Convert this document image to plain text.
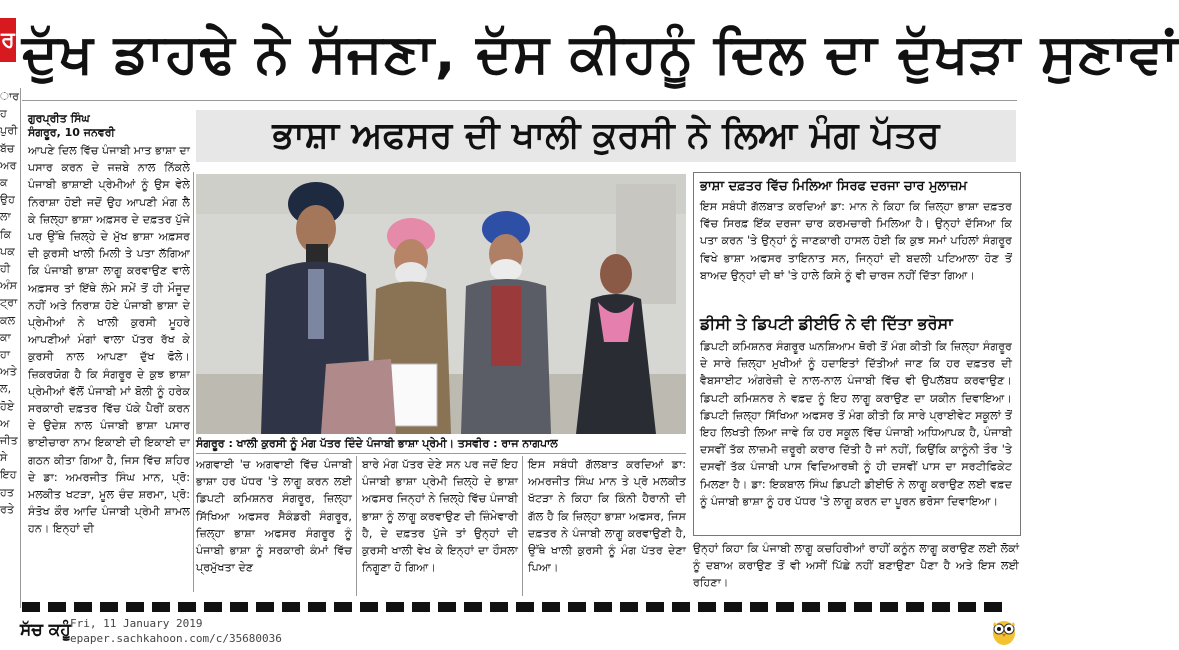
ਰ
ਾਰ ਹ ਪੁਰੀ ਬੱਚ ਅਰ ਕ ਉਹ ਲਾ ਕਿ ਪਕ ਹੀ ਅੰਸ ਟ੍ਰਾ ਕਲ ਕਾ ਹਾ ਅਤੇ ਲ, ਹੋਏ ਅ ਜੀਤ ਸੇ ਇਹ ਹਤ ਰਤੇ
ਦੁੱਖ ਡਾਹਢੇ ਨੇ ਸੱਜਣਾ, ਦੱਸ ਕੀਹਨੂੰ ਦਿਲ ਦਾ ਦੁੱਖੜਾ ਸੁਣਾਵਾਂ
ਗੁਰਪ੍ਰੀਤ ਸਿੰਘ
ਸੰਗਰੂਰ, 10 ਜਨਵਰੀ	ਭਾਸ਼ਾ ਅਫਸਰ ਦੀ ਖਾਲੀ ਕੁਰਸੀ ਨੇ ਲਿਆ ਮੰਗ ਪੱਤਰ
ਆਪਣੇ ਦਿਲ ਵਿੱਚ ਪੰਜਾਬੀ ਮਾਤ ਭਾਸ਼ਾ ਦਾ ਪਸਾਰ ਕਰਨ ਦੇ ਜਜ਼ਬੇ ਨਾਲ ਨਿੱਕਲੇ ਪੰਜਾਬੀ ਭਾਸ਼ਾਈ ਪ੍ਰੇਮੀਆਂ ਨੂੰ ਉਸ ਵੇਲੇ ਨਿਰਾਸ਼ਾ ਹੋਈ ਜਦੋਂ ਉਹ ਆਪਣੀ ਮੰਗ ਲੈ ਕੇ ਜ਼ਿਲ੍ਹਾ ਭਾਸ਼ਾ ਅਫ਼ਸਰ ਦੇ ਦਫ਼ਤਰ ਪੁੱਜੇ ਪਰ ਉੱਥੇ ਜ਼ਿਲ੍ਹੇ ਦੇ ਮੁੱਖ ਭਾਸ਼ਾ ਅਫ਼ਸਰ ਦੀ ਕੁਰਸੀ ਖਾਲੀ ਮਿਲੀ ਤੇ ਪਤਾ ਲੱਗਿਆ ਕਿ ਪੰਜਾਬੀ ਭਾਸ਼ਾ ਲਾਗੂ ਕਰਵਾਉਣ ਵਾਲੇ ਅਫ਼ਸਰ ਤਾਂ ਇੱਥੇ ਲੰਮੇ ਸਮੇਂ ਤੋਂ ਹੀ ਮੌਜੂਦ ਨਹੀਂ ਅਤੇ ਨਿਰਾਸ਼ ਹੋਏ ਪੰਜਾਬੀ ਭਾਸ਼ਾ ਦੇ ਪ੍ਰੇਮੀਆਂ ਨੇ ਖਾਲੀ ਕੁਰਸੀ ਮੂਹਰੇ ਆਪਣੀਆਂ ਮੰਗਾਂ ਵਾਲਾ ਪੱਤਰ ਰੱਖ ਕੇ ਕੁਰਸੀ ਨਾਲ ਆਪਣਾ ਦੁੱਖ ਫੋਲੇ। ਜ਼ਿਕਰਯੋਗ ਹੈ ਕਿ ਸੰਗਰੂਰ ਦੇ ਕੁਝ ਭਾਸ਼ਾ ਪ੍ਰੇਮੀਆਂ ਵੱਲੋਂ ਪੰਜਾਬੀ ਮਾਂ ਬੋਲੀ ਨੂੰ ਹਰੇਕ ਸਰਕਾਰੀ ਦਫ਼ਤਰ ਵਿੱਚ ਪੱਕੇ ਪੈਰੀਂ ਕਰਨ ਦੇ ਉਦੇਸ਼ ਨਾਲ ਪੰਜਾਬੀ ਭਾਸ਼ਾ ਪਸਾਰ ਭਾਈਚਾਰਾ ਨਾਮ ਇਕਾਈ ਦੀ ਇਕਾਈ ਦਾ ਗਠਨ ਕੀਤਾ ਗਿਆ ਹੈ, ਜਿਸ ਵਿੱਚ ਸ਼ਹਿਰ ਦੇ ਡਾ: ਅਮਰਜੀਤ ਸਿੰਘ ਮਾਨ, ਪ੍ਰੋ: ਮਲਕੀਤ ਖਟੜਾ, ਮੂਲ ਚੰਦ ਸ਼ਰਮਾ, ਪ੍ਰੋ: ਸੰਤੋਖ ਕੌਰ ਆਦਿ ਪੰਜਾਬੀ ਪ੍ਰੇਮੀ ਸ਼ਾਮਲ ਹਨ। ਇਨ੍ਹਾਂ ਦੀ
ਸੰਗਰੂਰ : ਖਾਲੀ ਕੁਰਸੀ ਨੂੰ ਮੰਗ ਪੱਤਰ ਦਿੰਦੇ ਪੰਜਾਬੀ ਭਾਸ਼ਾ ਪ੍ਰੇਮੀ। ਤਸਵੀਰ : ਰਾਜ ਨਾਗਪਾਲ
ਅਗਵਾਈ 'ਚ ਅਗਵਾਈ ਵਿੱਚ ਪੰਜਾਬੀ ਭਾਸ਼ਾ ਹਰ ਪੱਧਰ 'ਤੇ ਲਾਗੂ ਕਰਨ ਲਈ ਡਿਪਟੀ ਕਮਿਸ਼ਨਰ ਸੰਗਰੂਰ, ਜ਼ਿਲ੍ਹਾ ਸਿੱਖਿਆ ਅਫਸਰ ਸੈਕੰਡਰੀ ਸੰਗਰੂਰ, ਜ਼ਿਲ੍ਹਾ ਭਾਸ਼ਾ ਅਫਸਰ ਸੰਗਰੂਰ ਨੂੰ ਪੰਜਾਬੀ ਭਾਸ਼ਾ ਨੂੰ ਸਰਕਾਰੀ ਕੰਮਾਂ ਵਿੱਚ ਪ੍ਰਮੁੱਖਤਾ ਦੇਣ
ਬਾਰੇ ਮੰਗ ਪੱਤਰ ਦੇਣੇ ਸਨ ਪਰ ਜਦੋਂ ਇਹ ਪੰਜਾਬੀ ਭਾਸ਼ਾ ਪ੍ਰੇਮੀ ਜ਼ਿਲ੍ਹੇ ਦੇ ਭਾਸ਼ਾ ਅਫਸਰ ਜਿਨ੍ਹਾਂ ਨੇ ਜ਼ਿਲ੍ਹੇ ਵਿੱਚ ਪੰਜਾਬੀ ਭਾਸ਼ਾ ਨੂੰ ਲਾਗੂ ਕਰਵਾਉਣ ਦੀ ਜ਼ਿੰਮੇਵਾਰੀ ਹੈ, ਦੇ ਦਫ਼ਤਰ ਪੁੱਜੇ ਤਾਂ ਉਨ੍ਹਾਂ ਦੀ ਕੁਰਸੀ ਖਾਲੀ ਵੇਖ ਕੇ ਇਨ੍ਹਾਂ ਦਾ ਹੌਸਲਾ ਨਿਗੂਣਾ ਹੋ ਗਿਆ।
ਇਸ ਸਬੰਧੀ ਗੱਲਬਾਤ ਕਰਦਿਆਂ ਡਾ: ਅਮਰਜੀਤ ਸਿੰਘ ਮਾਨ ਤੇ ਪ੍ਰੋ ਮਲਕੀਤ ਖੱਟੜਾ ਨੇ ਕਿਹਾ ਕਿ ਕਿੰਨੀ ਹੈਰਾਨੀ ਦੀ ਗੱਲ ਹੈ ਕਿ ਜ਼ਿਲ੍ਹਾ ਭਾਸ਼ਾ ਅਫਸਰ, ਜਿਸ ਦਫ਼ਤਰ ਨੇ ਪੰਜਾਬੀ ਲਾਗੂ ਕਰਵਾਉਣੀ ਹੈ, ਉੱਥੇ ਖਾਲੀ ਕੁਰਸੀ ਨੂੰ ਮੰਗ ਪੱਤਰ ਦੇਣਾ ਪਿਆ।
ਭਾਸ਼ਾ ਦਫ਼ਤਰ ਵਿੱਚ ਮਿਲਿਆ ਸਿਰਫ ਦਰਜਾ ਚਾਰ ਮੁਲਾਜ਼ਮ
ਇਸ ਸਬੰਧੀ ਗੱਲਬਾਤ ਕਰਦਿਆਂ ਡਾ: ਮਾਨ ਨੇ ਕਿਹਾ ਕਿ ਜ਼ਿਲ੍ਹਾ ਭਾਸ਼ਾ ਦਫ਼ਤਰ ਵਿੱਚ ਸਿਰਫ਼ ਇੱਕ ਦਰਜਾ ਚਾਰ ਕਰਮਚਾਰੀ ਮਿਲਿਆ ਹੈ। ਉਨ੍ਹਾਂ ਦੱਸਿਆ ਕਿ ਪਤਾ ਕਰਨ 'ਤੇ ਉਨ੍ਹਾਂ ਨੂੰ ਜਾਣਕਾਰੀ ਹਾਸਲ ਹੋਈ ਕਿ ਕੁਝ ਸਮਾਂ ਪਹਿਲਾਂ ਸੰਗਰੂਰ ਵਿਖੇ ਭਾਸ਼ਾ ਅਫਸਰ ਤਾਇਨਾਤ ਸਨ, ਜਿਨ੍ਹਾਂ ਦੀ ਬਦਲੀ ਪਟਿਆਲਾ ਹੋਣ ਤੋਂ ਬਾਅਦ ਉਨ੍ਹਾਂ ਦੀ ਥਾਂ 'ਤੇ ਹਾਲੇ ਕਿਸੇ ਨੂੰ ਵੀ ਚਾਰਜ ਨਹੀਂ ਦਿੱਤਾ ਗਿਆ।
ਡੀਸੀ ਤੇ ਡਿਪਟੀ ਡੀਈਓ ਨੇ ਵੀ ਦਿੱਤਾ ਭਰੋਸਾ
ਡਿਪਟੀ ਕਮਿਸ਼ਨਰ ਸੰਗਰੂਰ ਘਨਸ਼ਿਆਮ ਥੋਰੀ ਤੋਂ ਮੰਗ ਕੀਤੀ ਕਿ ਜ਼ਿਲ੍ਹਾ ਸੰਗਰੂਰ ਦੇ ਸਾਰੇ ਜ਼ਿਲ੍ਹਾ ਮੁਖੀਆਂ ਨੂੰ ਹਦਾਇਤਾਂ ਦਿੱਤੀਆਂ ਜਾਣ ਕਿ ਹਰ ਦਫ਼ਤਰ ਦੀ ਵੈਬਸਾਈਟ ਅੰਗਰੇਜ਼ੀ ਦੇ ਨਾਲ-ਨਾਲ ਪੰਜਾਬੀ ਵਿੱਚ ਵੀ ਉਪਲੱਬਧ ਕਰਵਾਉਣ। ਡਿਪਟੀ ਕਮਿਸ਼ਨਰ ਨੇ ਵਫ਼ਦ ਨੂੰ ਇਹ ਲਾਗੂ ਕਰਾਉਣ ਦਾ ਯਕੀਨ ਦਿਵਾਇਆ। ਡਿਪਟੀ ਜ਼ਿਲ੍ਹਾ ਸਿੱਖਿਆ ਅਫਸਰ ਤੋਂ ਮੰਗ ਕੀਤੀ ਕਿ ਸਾਰੇ ਪ੍ਰਾਈਵੇਟ ਸਕੂਲਾਂ ਤੋਂ ਇਹ ਲਿਖਤੀ ਲਿਆ ਜਾਵੇ ਕਿ ਹਰ ਸਕੂਲ ਵਿੱਚ ਪੰਜਾਬੀ ਅਧਿਆਪਕ ਹੈ, ਪੰਜਾਬੀ ਦਸਵੀਂ ਤੱਕ ਲਾਜ਼ਮੀ ਜ਼ਰੂਰੀ ਕਰਾਰ ਦਿੱਤੀ ਹੈ ਜਾਂ ਨਹੀਂ, ਕਿਉਂਕਿ ਕਾਨੂੰਨੀ ਤੌਰ 'ਤੇ ਦਸਵੀਂ ਤੱਕ ਪੰਜਾਬੀ ਪਾਸ ਵਿਦਿਆਰਥੀ ਨੂੰ ਹੀ ਦਸਵੀਂ ਪਾਸ ਦਾ ਸਰਟੀਫਿਕੇਟ ਮਿਲਣਾ ਹੈ। ਡਾ: ਇਕਬਾਲ ਸਿੰਘ ਡਿਪਟੀ ਡੀਈਓ ਨੇ ਲਾਗੂ ਕਰਾਉਣ ਲਈ ਵਫ਼ਦ ਨੂੰ ਪੰਜਾਬੀ ਭਾਸ਼ਾ ਨੂੰ ਹਰ ਪੱਧਰ 'ਤੇ ਲਾਗੂ ਕਰਨ ਦਾ ਪੂਰਨ ਭਰੋਸਾ ਦਿਵਾਇਆ।
ਉਨ੍ਹਾਂ ਕਿਹਾ ਕਿ ਪੰਜਾਬੀ ਲਾਗੂ ਕਚਹਿਰੀਆਂ ਰਾਹੀਂ ਕਨੂੰਨ ਲਾਗੂ ਕਰਾਉਣ ਲਈ ਲੋਕਾਂ ਨੂੰ ਦਬਾਅ ਕਰਾਉਣ ਤੋਂ ਵੀ ਅਸੀਂ ਪਿੱਛੇ ਨਹੀਂ ਬਣਾਉਣਾ ਪੈਣਾ ਹੈ ਅਤੇ ਇਸ ਲਈ ਰਹਿਣਾ।
ਸੱਚ ਕਹੂੰ Fri, 11 January 2019
epaper.sachkahoon.com/c/35680036
